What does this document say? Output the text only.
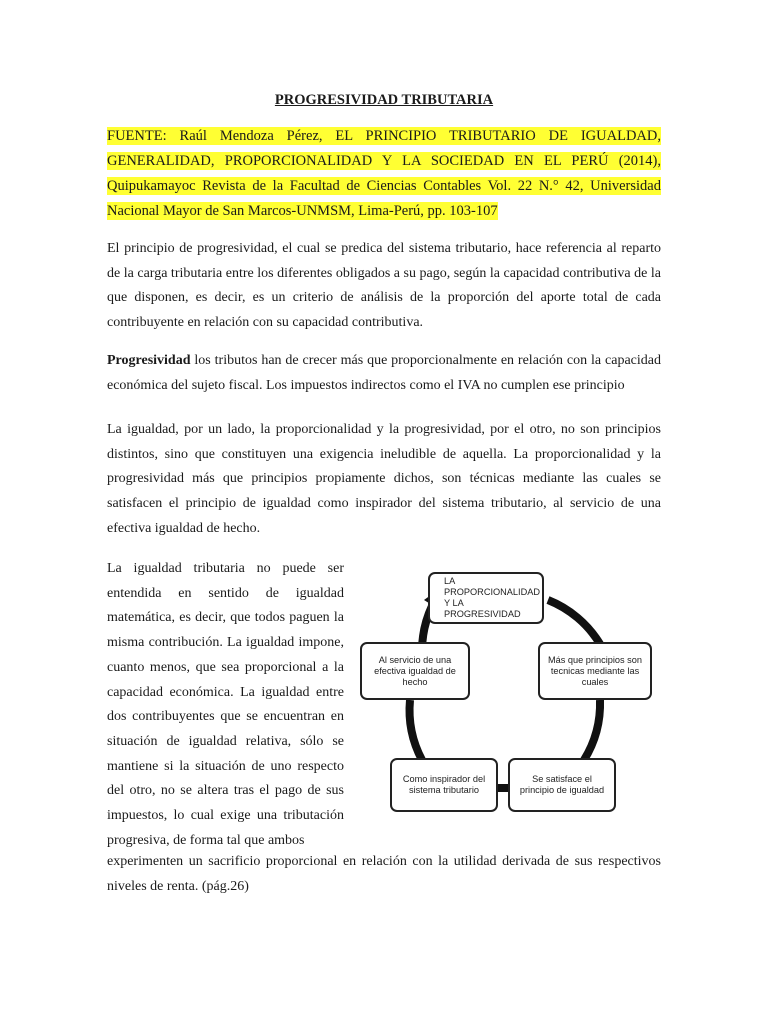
PROGRESIVIDAD TRIBUTARIA
FUENTE: Raúl Mendoza Pérez, EL PRINCIPIO TRIBUTARIO DE IGUALDAD, GENERALIDAD, PROPORCIONALIDAD Y LA SOCIEDAD EN EL PERÚ (2014), Quipukamayoc Revista de la Facultad de Ciencias Contables Vol. 22 N.° 42, Universidad Nacional Mayor de San Marcos-UNMSM, Lima-Perú, pp. 103-107

El principio de progresividad, el cual se predica del sistema tributario, hace referencia al reparto de la carga tributaria entre los diferentes obligados a su pago, según la capacidad contributiva de la que disponen, es decir, es un criterio de análisis de la proporción del aporte total de cada contribuyente en relación con su capacidad contributiva.

Progresividad los tributos han de crecer más que proporcionalmente en relación con la capacidad económica del sujeto fiscal. Los impuestos indirectos como el IVA no cumplen ese principio

La igualdad, por un lado, la proporcionalidad y la progresividad, por el otro, no son principios distintos, sino que constituyen una exigencia ineludible de aquella. La proporcionalidad y la progresividad más que principios propiamente dichos, son técnicas mediante las cuales se satisfacen el principio de igualdad como inspirador del sistema tributario, al servicio de una efectiva igualdad de hecho.

La igualdad tributaria no puede ser entendida en sentido de igualdad matemática, es decir, que todos paguen la misma contribución. La igualdad impone, cuanto menos, que sea proporcional a la capacidad económica. La igualdad entre dos contribuyentes que se encuentran en situación de igualdad relativa, sólo se mantiene si la situación de uno respecto del otro, no se altera tras el pago de sus impuestos, lo cual exige una tributación progresiva, de forma tal que ambos

LA
PROPORCIONALIDAD
Y LA PROGRESIVIDAD
Más que principios son tecnicas mediante las cuales
Se satisface el principio de igualdad
Como inspirador del sistema tributario
Al servicio de una efectiva igualdad de hecho

experimenten un sacrificio proporcional en relación con la utilidad derivada de sus respectivos niveles de renta. (pág.26)
